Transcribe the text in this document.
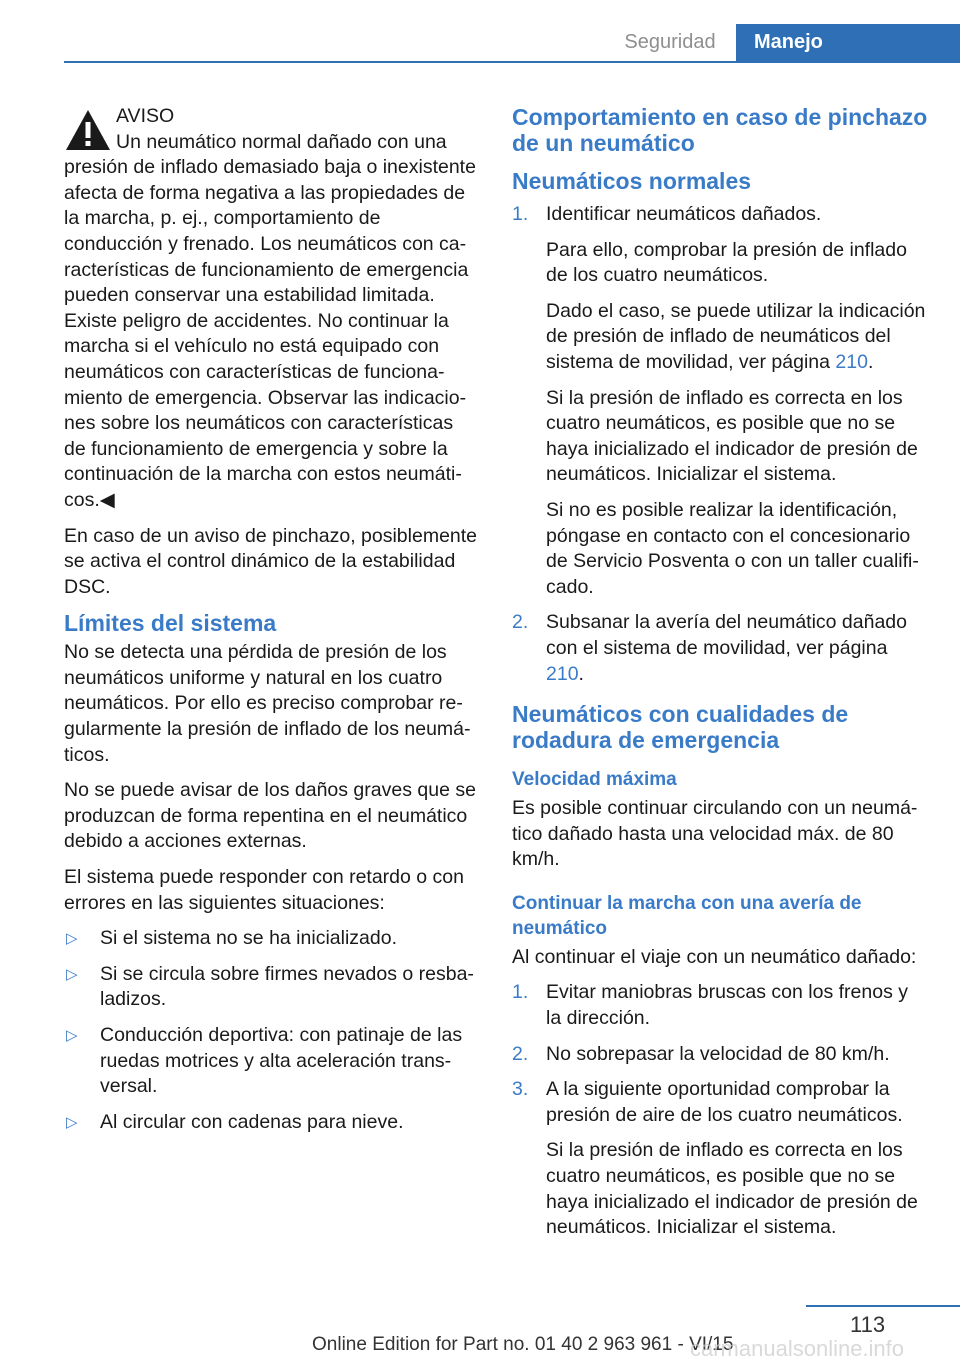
Seguridad	Manejo
AVISO
Un neumático normal dañado con una

presión de inflado demasiado baja o inexistente afecta de forma negativa a las propiedades de la marcha, p. ej., comportamiento de conducción y frenado. Los neumáticos con características de funcionamiento de emergencia pueden conservar una estabilidad limitada. Existe peligro de accidentes. No continuar la marcha si el vehículo no está equipado con neumáticos con características de funcionamiento de emergencia. Observar las indicaciones sobre los neumáticos con características de funcionamiento de emergencia y sobre la continuación de la marcha con estos neumáticos.◀

En caso de un aviso de pinchazo, posiblemente se activa el control dinámico de la estabilidad DSC.

Límites del sistema

No se detecta una pérdida de presión de los neumáticos uniforme y natural en los cuatro neumáticos. Por ello es preciso comprobar regularmente la presión de inflado de los neumáticos.

No se puede avisar de los daños graves que se produzcan de forma repentina en el neumático debido a acciones externas.

El sistema puede responder con retardo o con errores en las siguientes situaciones:

▷	Si el sistema no se ha inicializado.
▷	Si se circula sobre firmes nevados o resbaladizos.
▷	Conducción deportiva: con patinaje de las ruedas motrices y alta aceleración transversal.
▷	Al circular con cadenas para nieve.
Comportamiento en caso de pinchazo de un neumático
Neumáticos normales
1. Identificar neumáticos dañados.

Para ello, comprobar la presión de inflado de los cuatro neumáticos.

Dado el caso, se puede utilizar la indicación de presión de inflado de neumáticos del sistema de movilidad, ver página 210.

Si la presión de inflado es correcta en los cuatro neumáticos, es posible que no se haya inicializado el indicador de presión de neumáticos. Inicializar el sistema.

Si no es posible realizar la identificación, póngase en contacto con el concesionario de Servicio Posventa o con un taller cualificado.

2. Subsanar la avería del neumático dañado con el sistema de movilidad, ver página 210.
Neumáticos con cualidades de rodadura de emergencia
Velocidad máxima

Es posible continuar circulando con un neumático dañado hasta una velocidad máx. de 80 km/h.

Continuar la marcha con una avería de neumático

Al continuar el viaje con un neumático dañado:

1. Evitar maniobras bruscas con los frenos y la dirección.
2. No sobrepasar la velocidad de 80 km/h.
3. A la siguiente oportunidad comprobar la presión de aire de los cuatro neumáticos.

Si la presión de inflado es correcta en los cuatro neumáticos, es posible que no se haya inicializado el indicador de presión de neumáticos. Inicializar el sistema.

113
Online Edition for Part no. 01 40 2 963 961 - VI/15
carmanualsonline.info
